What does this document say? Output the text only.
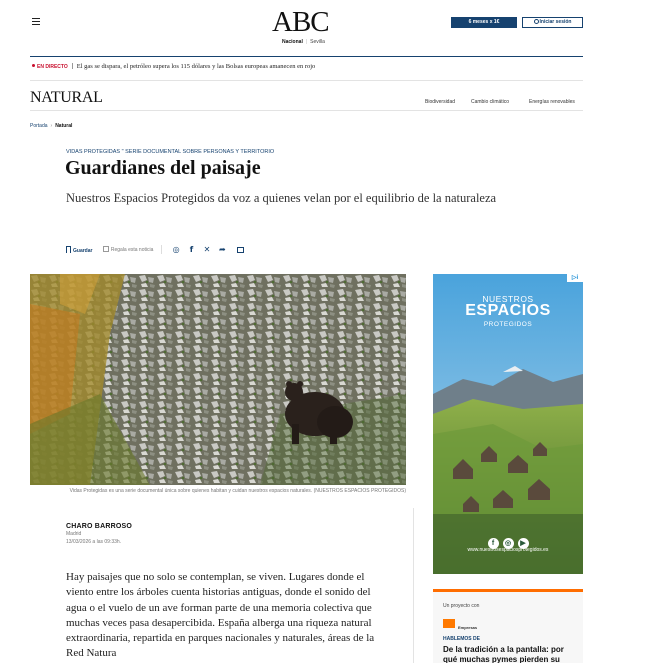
ABC
Nacional | Sevilla
6 meses x 1€	Iniciar sesión
EN DIRECTO El gas se dispara, el petróleo supera los 115 dólares y las Bolsas europeas amanecen en rojo
NATURAL	Biodiversidad	Cambio climático	Energías renovables
Portada › Natural
VIDAS PROTEGIDAS " SERIE DOCUMENTAL SOBRE PERSONAS Y TERRITORIO
Guardianes del paisaje

Nuestros Espacios Protegidos da voz a quienes velan por el equilibrio de la naturaleza

Guardar	Regala esta noticia ◎ f ✕ ➦
Vidas Protegidas es una serie documental única sobre quienes habitan y cuidan nuestros espacios naturales. (NUESTROS ESPACIOS PROTEGIDOS)
CHARO BARROSO
Madrid
13/03/2026 a las 09:33h.

Hay paisajes que no solo se contemplan, se viven. Lugares donde el viento entre los árboles cuenta historias antiguas, donde el sonido del agua o el vuelo de un ave forman parte de una memoria colectiva que muchas veces pasa desapercibida. España alberga una riqueza natural extraordinaria, repartida en parques nacionales y naturales, áreas de la Red Natura

▷i
NUESTROS
ESPACIOS
PROTEGIDOS
f ◎ ▶
www.nuestrosespaciosprotegidos.es
Un proyecto con
Empresas
HABLEMOS DE
De la tradición a la pantalla: por qué muchas pymes pierden su
